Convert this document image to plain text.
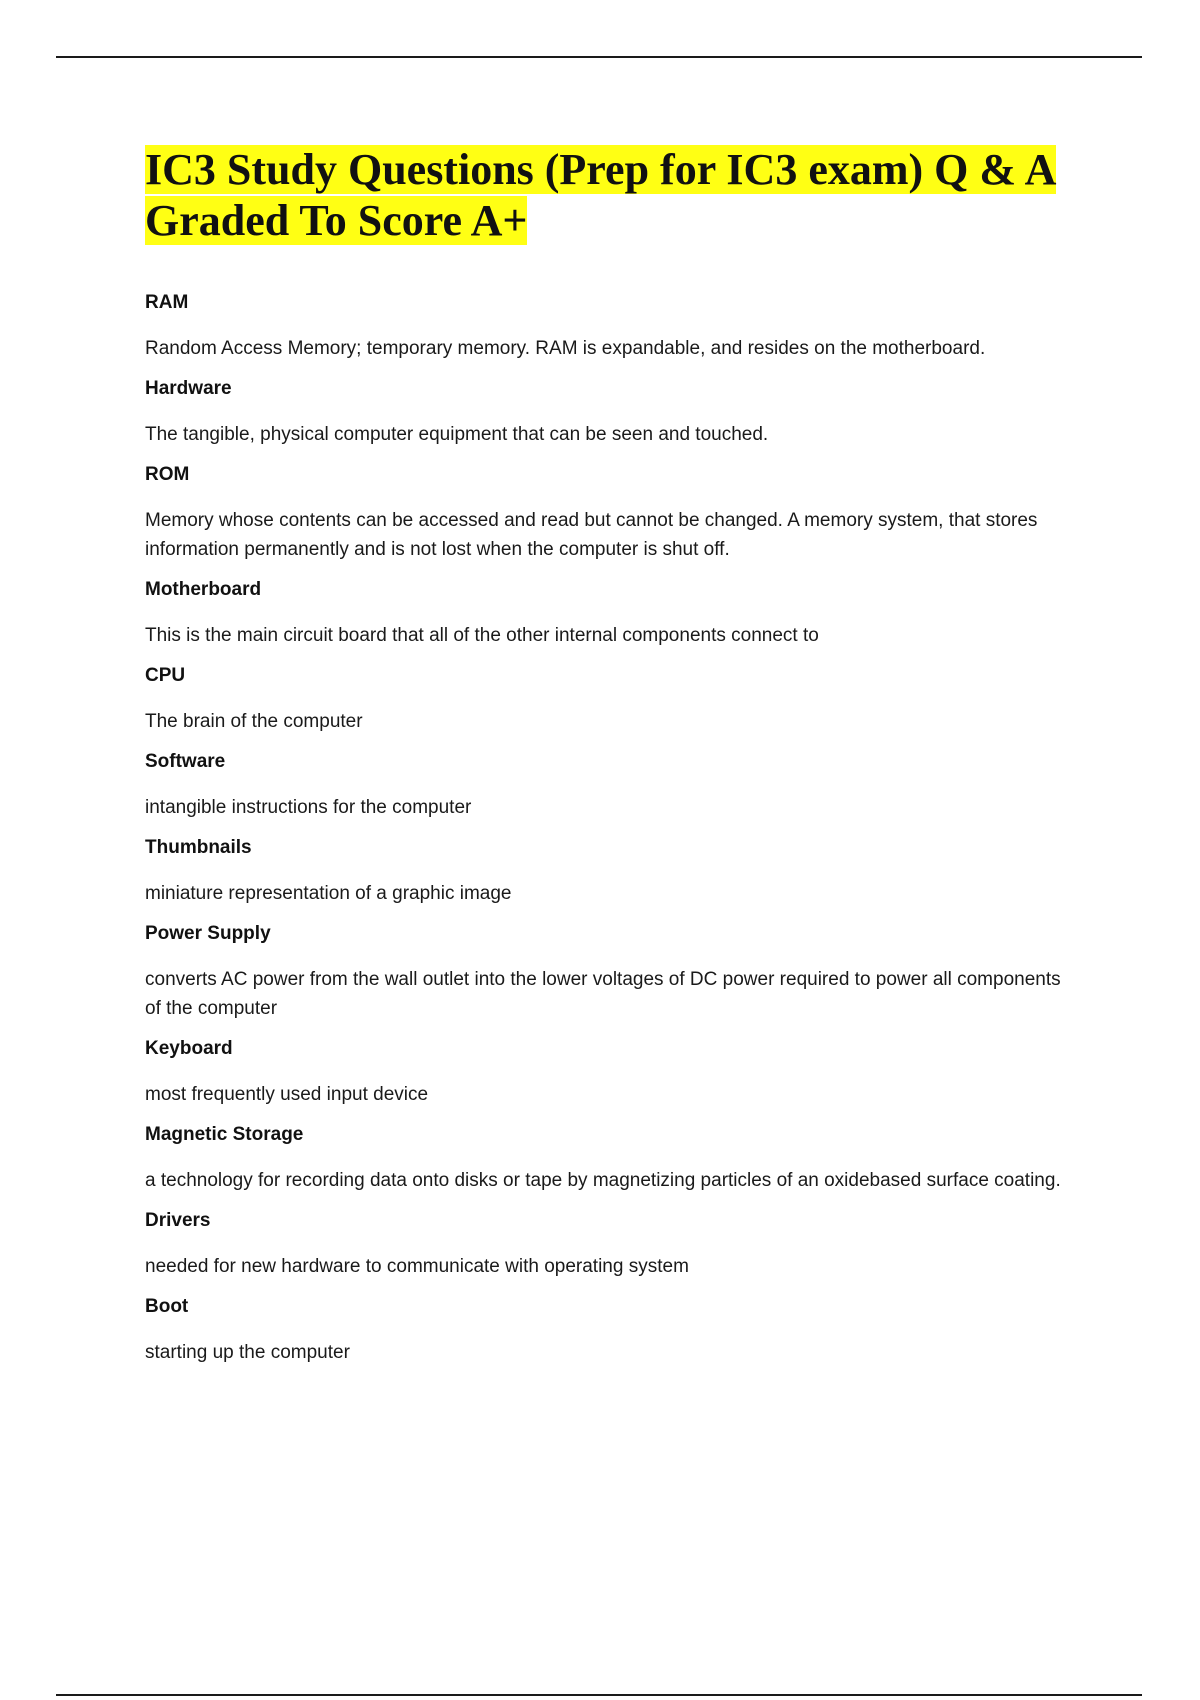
IC3 Study Questions (Prep for IC3 exam) Q & A Graded To Score A+
RAM
Random Access Memory; temporary memory. RAM is expandable, and resides on the motherboard.
Hardware
The tangible, physical computer equipment that can be seen and touched.
ROM
Memory whose contents can be accessed and read but cannot be changed. A memory system, that stores information permanently and is not lost when the computer is shut off.
Motherboard
This is the main circuit board that all of the other internal components connect to
CPU
The brain of the computer
Software
intangible instructions for the computer
Thumbnails
miniature representation of a graphic image
Power Supply
converts AC power from the wall outlet into the lower voltages of DC power required to power all components of the computer
Keyboard
most frequently used input device
Magnetic Storage
a technology for recording data onto disks or tape by magnetizing particles of an oxidebased surface coating.
Drivers
needed for new hardware to communicate with operating system
Boot
starting up the computer
